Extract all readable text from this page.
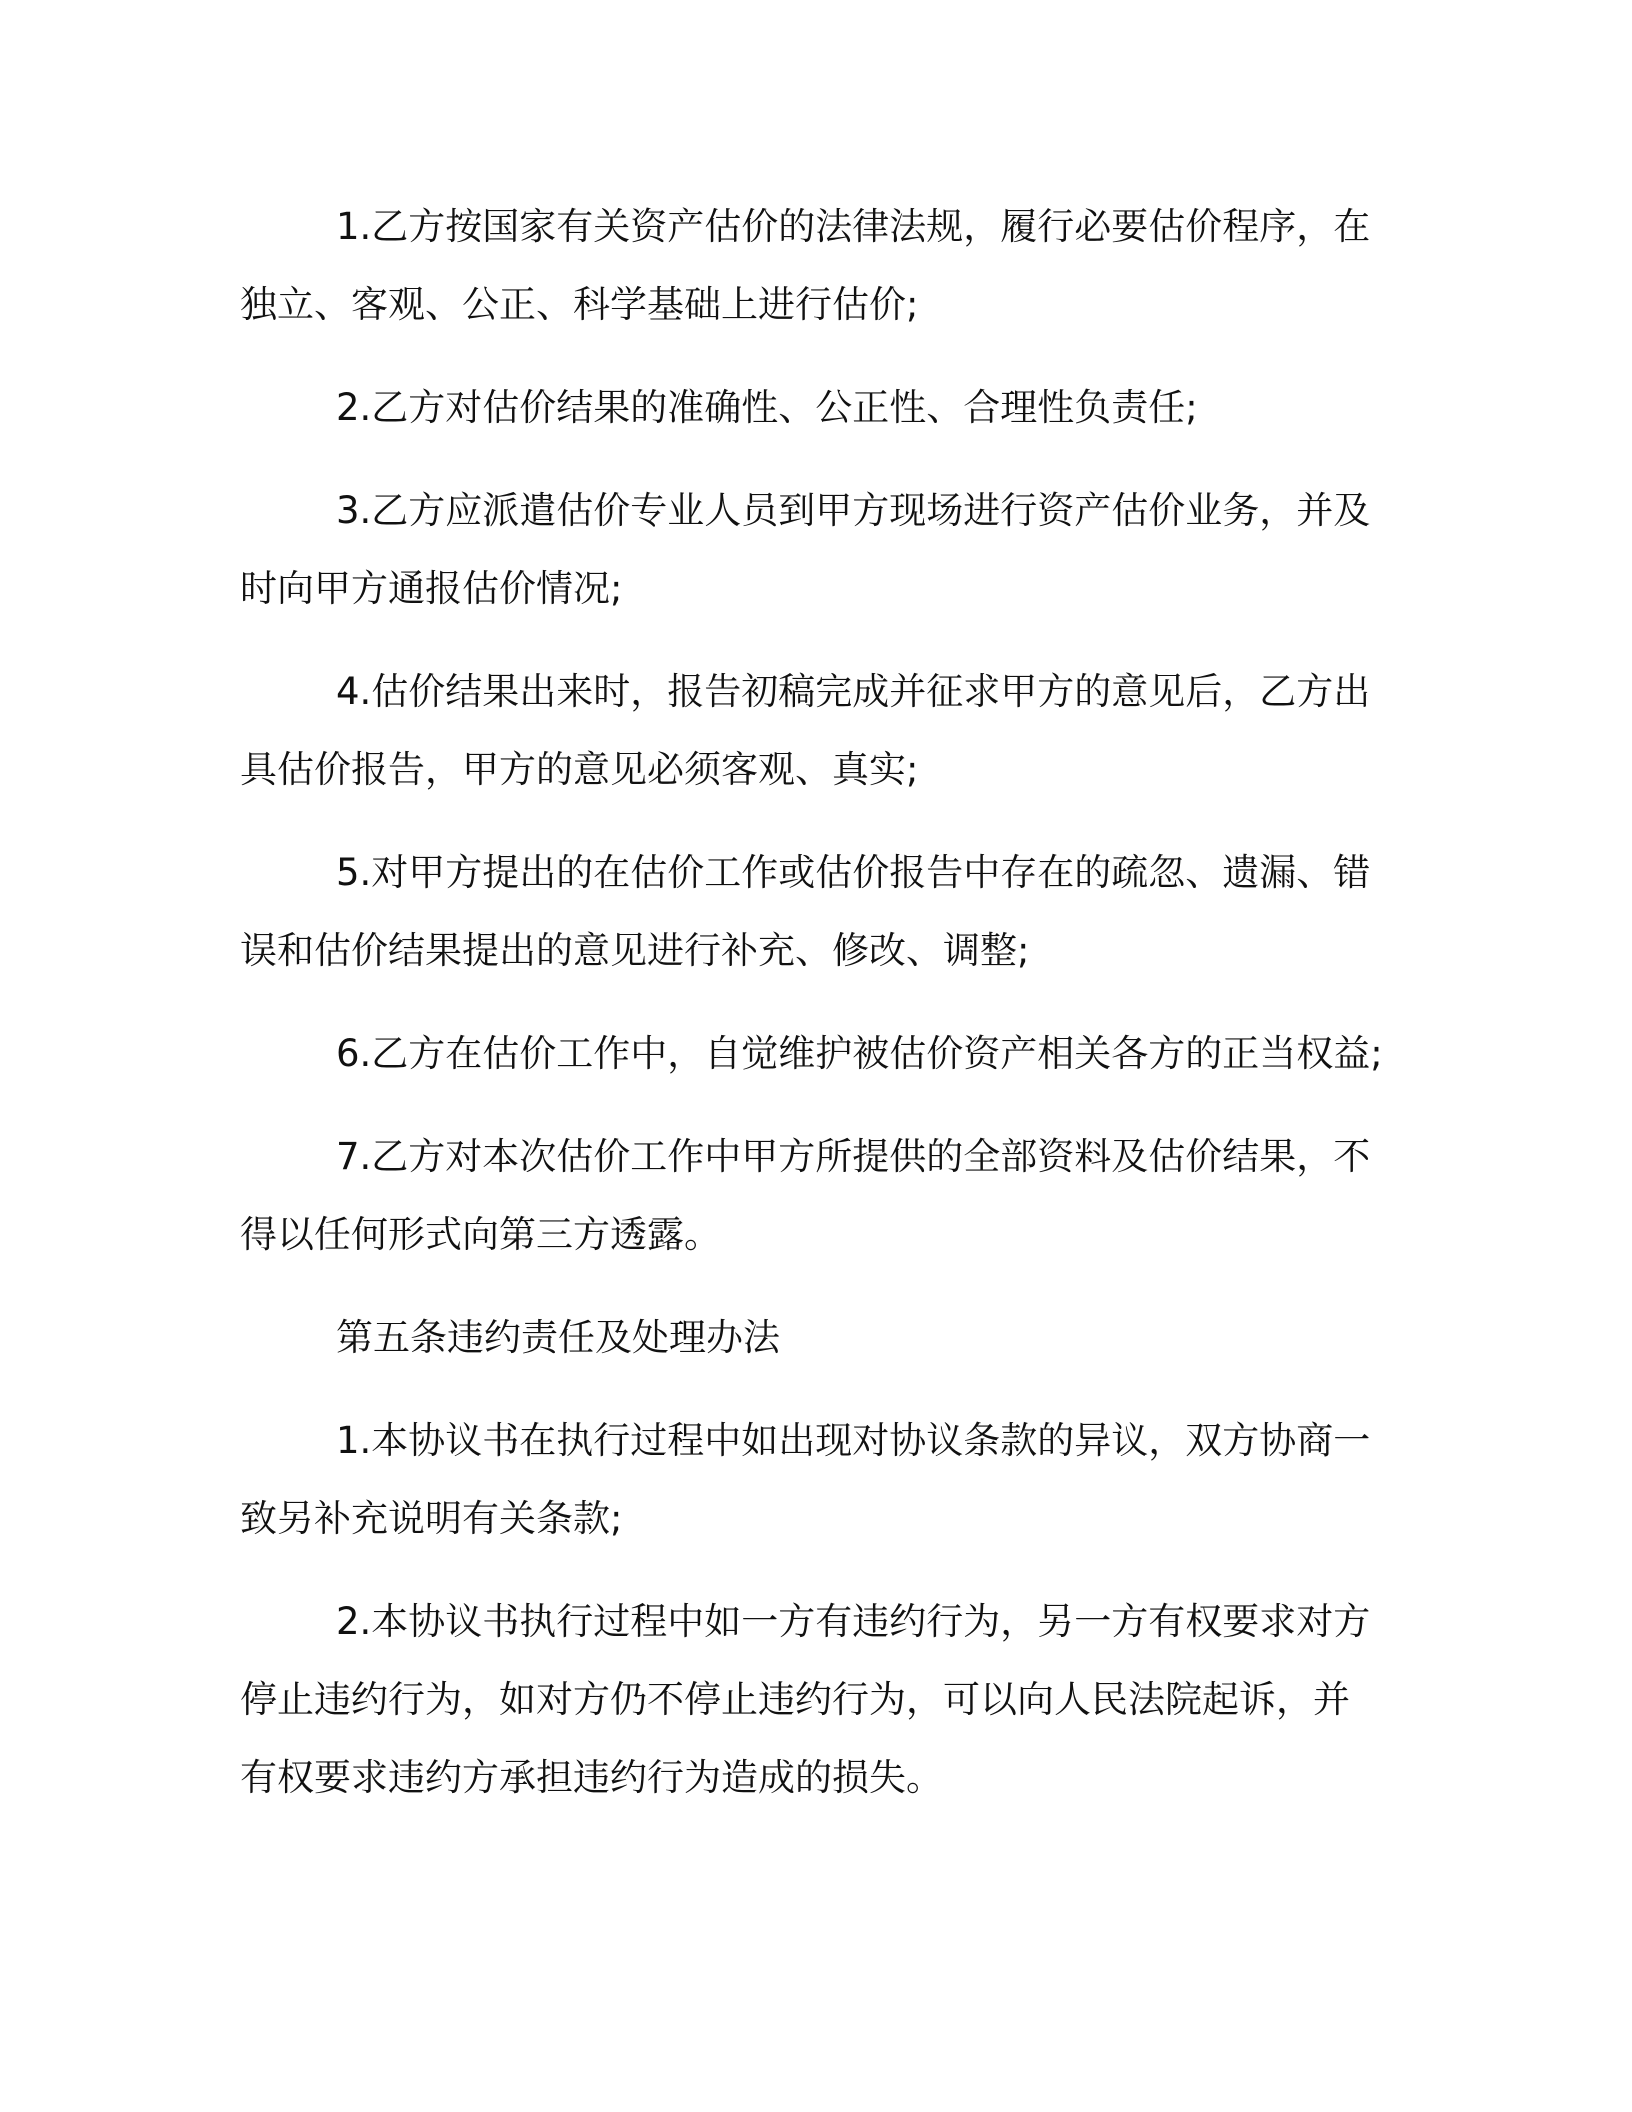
1.乙方按国家有关资产估价的法律法规，履行必要估价程序，在
独立、客观、公正、科学基础上进行估价;
2.乙方对估价结果的准确性、公正性、合理性负责任;
3.乙方应派遣估价专业人员到甲方现场进行资产估价业务，并及
时向甲方通报估价情况;
4.估价结果出来时，报告初稿完成并征求甲方的意见后，乙方出
具估价报告，甲方的意见必须客观、真实;
5.对甲方提出的在估价工作或估价报告中存在的疏忽、遗漏、错
误和估价结果提出的意见进行补充、修改、调整;
6.乙方在估价工作中，自觉维护被估价资产相关各方的正当权益;
7.乙方对本次估价工作中甲方所提供的全部资料及估价结果，不
得以任何形式向第三方透露。
第五条违约责任及处理办法
1.本协议书在执行过程中如出现对协议条款的异议，双方协商一
致另补充说明有关条款;
2.本协议书执行过程中如一方有违约行为，另一方有权要求对方
停止违约行为，如对方仍不停止违约行为，可以向人民法院起诉，并
有权要求违约方承担违约行为造成的损失。
